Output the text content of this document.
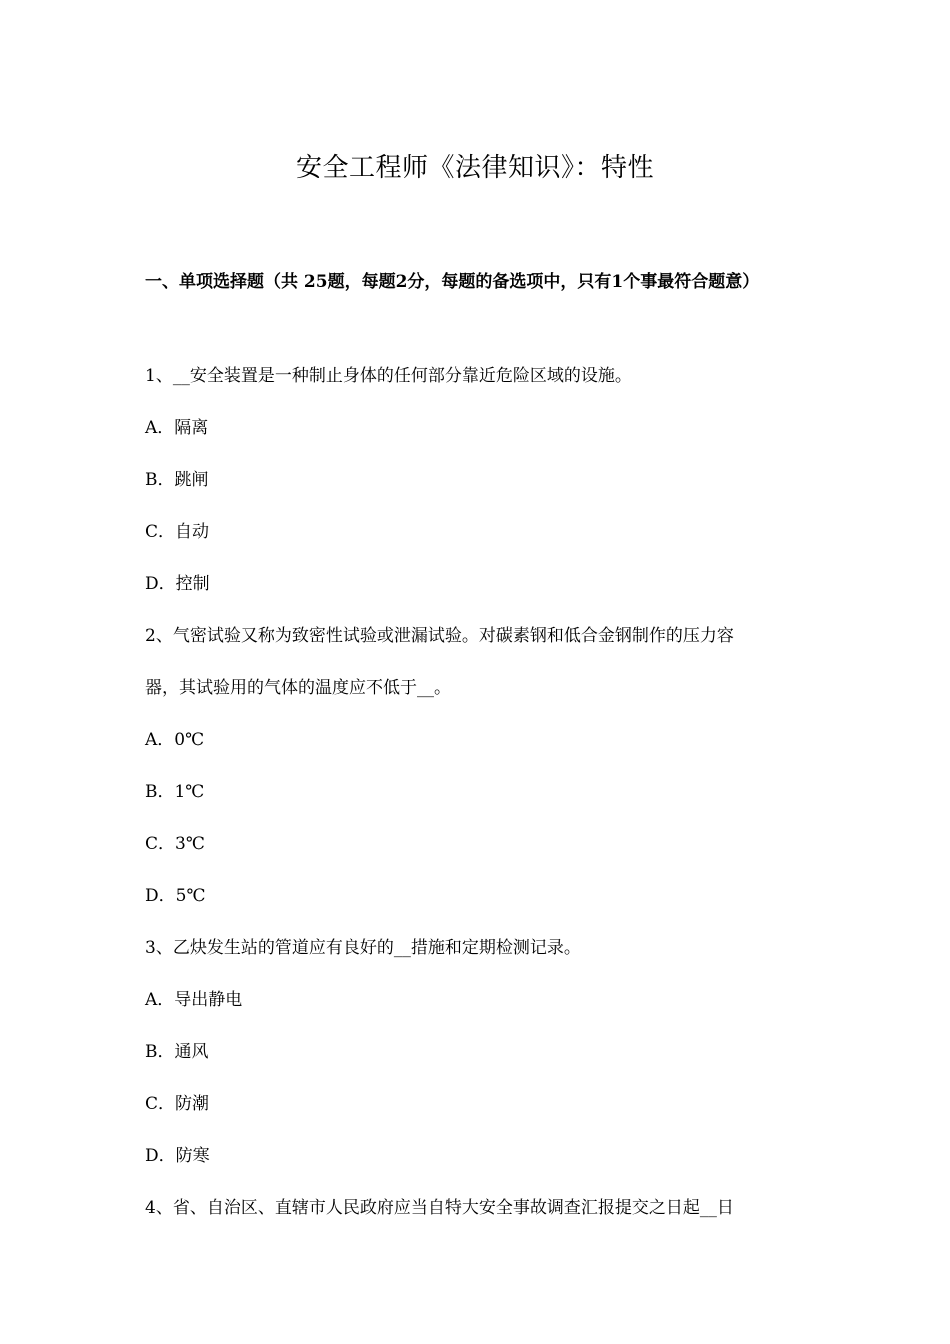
安全工程师《法律知识》：特性
一、单项选择题（共 25题，每题2分，每题的备选项中，只有1个事最符合题意）
1、__安全装置是一种制止身体的任何部分靠近危险区域的设施。
A．隔离
B．跳闸
C．自动
D．控制
2、气密试验又称为致密性试验或泄漏试验。对碳素钢和低合金钢制作的压力容
器，其试验用的气体的温度应不低于__。
A．0℃
B．1℃
C．3℃
D．5℃
3、乙炔发生站的管道应有良好的__措施和定期检测记录。
A．导出静电
B．通风
C．防潮
D．防寒
4、省、自治区、直辖市人民政府应当自特大安全事故调查汇报提交之日起__日
